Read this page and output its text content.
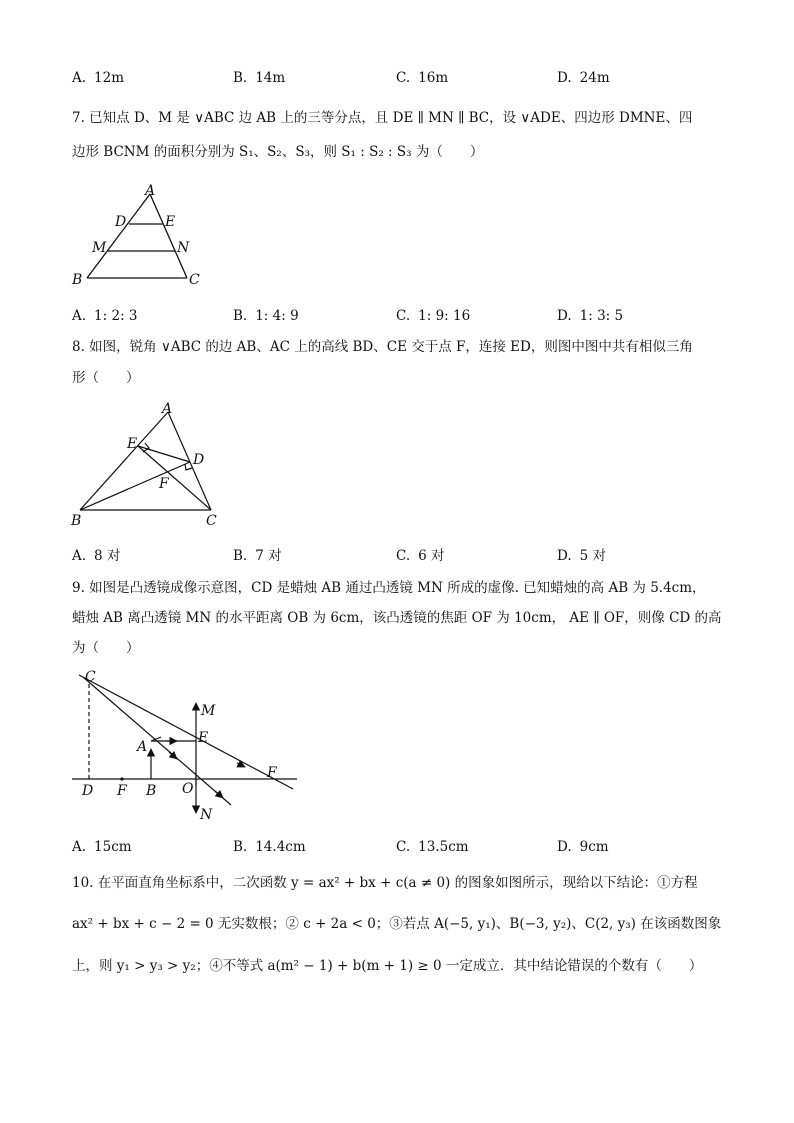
A. 12m	B. 14m	C. 16m	D. 24m
7. 已知点 D、M 是 ∨ABC 边 AB 上的三等分点，且 DE ∥ MN ∥ BC，设 ∨ADE、四边形 DMNE、四
边形 BCNM 的面积分别为 S₁、S₂、S₃，则 S₁ : S₂ : S₃ 为（　　）
A
D	E
M	N
B	C
A. 1: 2: 3	B. 1: 4: 9	C. 1: 9: 16	D. 1: 3: 5
8. 如图，锐角 ∨ABC 的边 AB、AC 上的高线 BD、CE 交于点 F，连接 ED，则图中图中共有相似三角
形（　　）
A
E
D
F
B	C
A. 8 对	B. 7 对	C. 6 对	D. 5 对
9. 如图是凸透镜成像示意图，CD 是蜡烛 AB 通过凸透镜 MN 所成的虚像. 已知蜡烛的高 AB 为 5.4cm，
蜡烛 AB 离凸透镜 MN 的水平距离 OB 为 6cm，该凸透镜的焦距 OF 为 10cm， AE ∥ OF，则像 CD 的高
为（　　）
C
M
A
E
F
D F B O
N
A. 15cm	B. 14.4cm	C. 13.5cm	D. 9cm
10. 在平面直角坐标系中，二次函数 y = ax² + bx + c(a ≠ 0) 的图象如图所示，现给以下结论：①方程
ax² + bx + c − 2 = 0 无实数根；② c + 2a < 0；③若点 A(−5, y₁)、B(−3, y₂)、C(2, y₃) 在该函数图象
上，则 y₁ > y₃ > y₂；④不等式 a(m² − 1) + b(m + 1) ≥ 0 一定成立．其中结论错误的个数有（　　）
